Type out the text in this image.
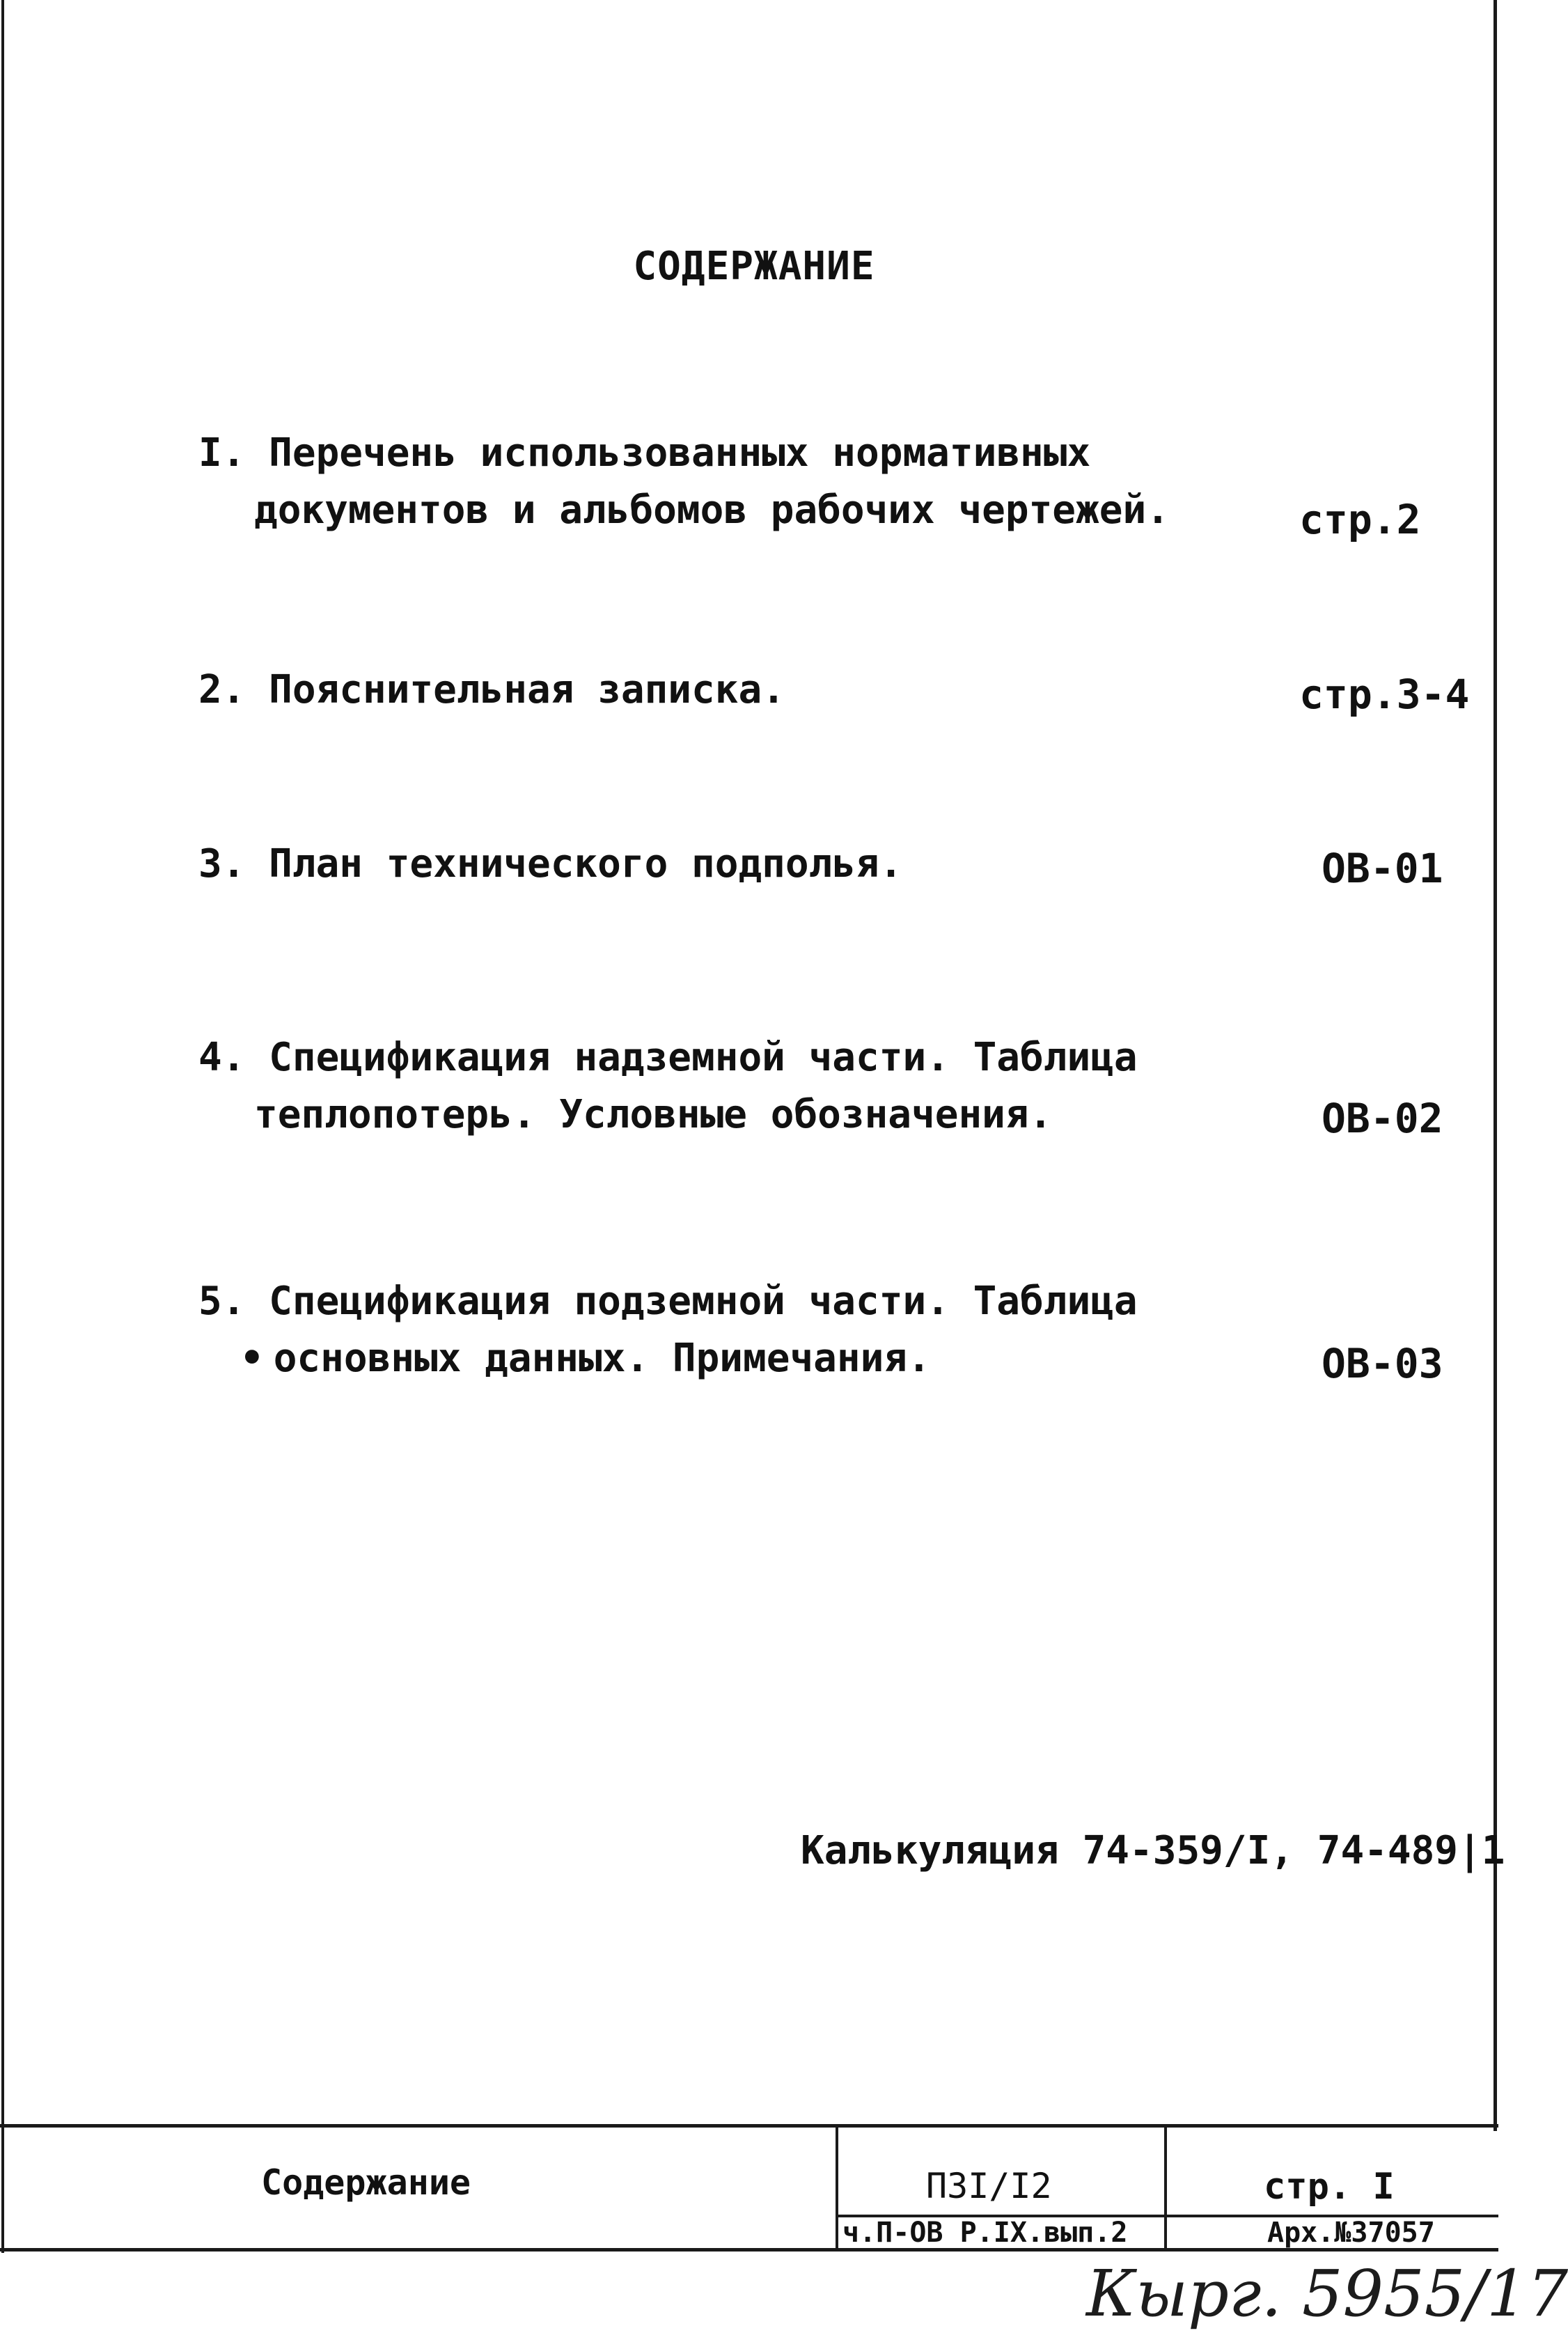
СОДЕРЖАНИЕ
I. Перечень использованных нормативных
документов и альбомов рабочих чертежей.	стр.2
2. Пояснительная записка.	стр.3-4
3. План технического подполья.	ОВ-01
4. Спецификация надземной части. Таблица
теплопотерь. Условные обозначения.	ОВ-02
5. Спецификация подземной части. Таблица
• основных данных. Примечания.	ОВ-03
Калькуляция 74-359/I, 74-489|1
Содержание	ПЗI/I2	стр. I
ч.П-ОВ Р.IX.вып.2	Арх.№37057
Кырг. 5955/17
